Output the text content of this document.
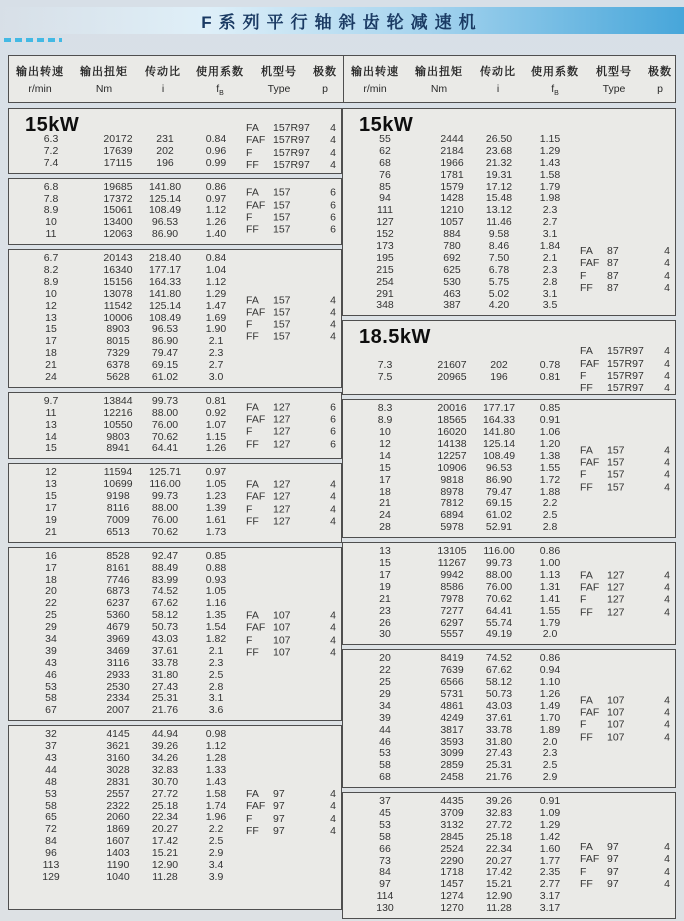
F系列平行轴斜齿轮减速机
输出转速
r/min
输出扭矩
Nm
传动比
i
使用系数
$f_B$
机型号
Type
极数
p
输出转速
r/min
输出扭矩
Nm
传动比
i
使用系数
$f_B$
机型号
Type
极数
p
15kW
6.3	20172	231	0.84
7.2	17639	202	0.96
7.4	17115	196	0.99
FA	157R97	4
FAF 157R97	4
F	157R97	4
FF	157R97	4
6.8	19685	141.80	0.86
7.8	17372	125.14	0.97
8.9	15061	108.49	1.12
10	13400	96.53	1.26
11	12063	86.90	1.40
FA	157	6
FAF 157	6
F	157	6
FF	157	6
6.7	20143	218.40	0.84
8.2	16340	177.17	1.04
8.9	15156	164.33	1.12
10	13078	141.80	1.29
12	11542	125.14	1.47
13	10006	108.49	1.69
15	8903	96.53	1.90
17	8015	86.90	2.1
18	7329	79.47	2.3
21	6378	69.15	2.7
24	5628	61.02	3.0
FA	157	4
FAF 157	4
F	157	4
FF	157	4
9.7	13844	99.73	0.81
11	12216	88.00	0.92
13	10550	76.00	1.07
14	9803	70.62	1.15
15	8941	64.41	1.26
FA	127	6
FAF 127	6
F	127	6
FF	127	6
12	11594	125.71	0.97
13	10699	116.00	1.05
15	9198	99.73	1.23
17	8116	88.00	1.39
19	7009	76.00	1.61
21	6513	70.62	1.73
FA	127	4
FAF 127	4
F	127	4
FF	127	4
16	8528	92.47	0.85
17	8161	88.49	0.88
18	7746	83.99	0.93
20	6873	74.52	1.05
22	6237	67.62	1.16
25	5360	58.12	1.35
29	4679	50.73	1.54
34	3969	43.03	1.82
39	3469	37.61	2.1
43	3116	33.78	2.3
46	2933	31.80	2.5
53	2530	27.43	2.8
58	2334	25.31	3.1
67	2007	21.76	3.6
FA	107	4
FAF 107	4
F	107	4
FF	107	4
32	4145	44.94	0.98
37	3621	39.26	1.12
43	3160	34.26	1.28
44	3028	32.83	1.33
48	2831	30.70	1.43
53	2557	27.72	1.58
58	2322	25.18	1.74
65	2060	22.34	1.96
72	1869	20.27	2.2
84	1607	17.42	2.5
96	1403	15.21	2.9
113	1190	12.90	3.4
129	1040	11.28	3.9
FA	97	4
FAF 97	4
F	97	4
FF	97	4
15kW
55	2444	26.50	1.15
62	2184	23.68	1.29
68	1966	21.32	1.43
76	1781	19.31	1.58
85	1579	17.12	1.79
94	1428	15.48	1.98
111	1210	13.12	2.3
127	1057	11.46	2.7
152	884	9.58	3.1
173	780	8.46	1.84
195	692	7.50	2.1
215	625	6.78	2.3
254	530	5.75	2.8
291	463	5.02	3.1
348	387	4.20	3.5
FA	87	4
FAF 87	4
F	87	4
FF	87	4
18.5kW
7.3	21607	202	0.78
7.5	20965	196	0.81
FA	157R97	4
FAF 157R97	4
F	157R97	4
FF	157R97	4
8.3	20016	177.17	0.85
8.9	18565	164.33	0.91
10	16020	141.80	1.06
12	14138	125.14	1.20
14	12257	108.49	1.38
15	10906	96.53	1.55
17	9818	86.90	1.72
18	8978	79.47	1.88
21	7812	69.15	2.2
24	6894	61.02	2.5
28	5978	52.91	2.8
FA	157	4
FAF 157	4
F	157	4
FF	157	4
13	13105	116.00	0.86
15	11267	99.73	1.00
17	9942	88.00	1.13
19	8586	76.00	1.31
21	7978	70.62	1.41
23	7277	64.41	1.55
26	6297	55.74	1.79
30	5557	49.19	2.0
FA	127	4
FAF 127	4
F	127	4
FF	127	4
20	8419	74.52	0.86
22	7639	67.62	0.94
25	6566	58.12	1.10
29	5731	50.73	1.26
34	4861	43.03	1.49
39	4249	37.61	1.70
44	3817	33.78	1.89
46	3593	31.80	2.0
53	3099	27.43	2.3
58	2859	25.31	2.5
68	2458	21.76	2.9
FA	107	4
FAF 107	4
F	107	4
FF	107	4
37	4435	39.26	0.91
45	3709	32.83	1.09
53	3132	27.72	1.29
58	2845	25.18	1.42
66	2524	22.34	1.60
73	2290	20.27	1.77
84	1718	17.42	2.35
97	1457	15.21	2.77
114	1274	12.90	3.17
130	1270	11.28	3.17
FA	97	4
FAF 97	4
F	97	4
FF	97	4
